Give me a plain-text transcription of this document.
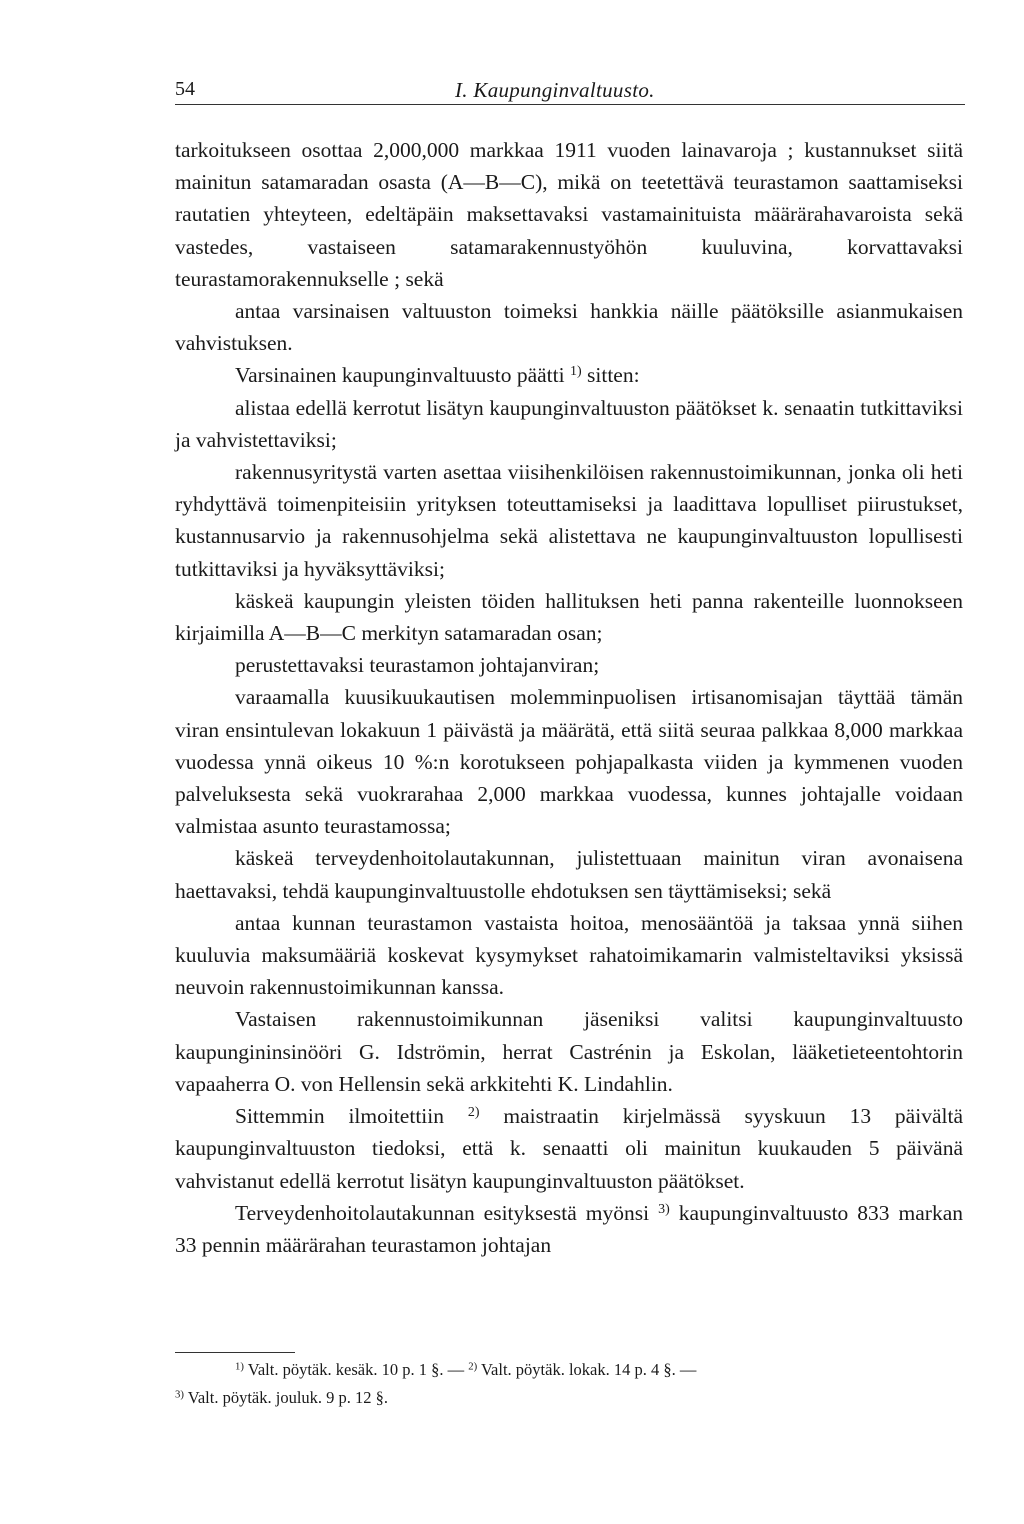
54	I. Kaupunginvaltuusto.

tarkoitukseen osottaa 2,000,000 markkaa 1911 vuoden lainavaroja ; kustannukset siitä mainitun satamaradan osasta (A—B—C), mikä on teetettävä teurastamon saattamiseksi rautatien yhteyteen, edeltäpäin maksettavaksi vastamainituista määrärahavaroista sekä vastedes, vastaiseen satamarakennustyöhön kuuluvina, korvattavaksi teurastamorakennukselle ; sekä

antaa varsinaisen valtuuston toimeksi hankkia näille päätöksille asianmukaisen vahvistuksen.

Varsinainen kaupunginvaltuusto päätti $^{1)}$ sitten:

alistaa edellä kerrotut lisätyn kaupunginvaltuuston päätökset k. senaatin tutkittaviksi ja vahvistettaviksi;

rakennusyritystä varten asettaa viisihenkilöisen rakennustoimikunnan, jonka oli heti ryhdyttävä toimenpiteisiin yrityksen toteuttamiseksi ja laadittava lopulliset piirustukset, kustannusarvio ja rakennusohjelma sekä alistettava ne kaupunginvaltuuston lopullisesti tutkittaviksi ja hyväksyttäviksi;

käskeä kaupungin yleisten töiden hallituksen heti panna rakenteille luonnokseen kirjaimilla A—B—C merkityn satamaradan osan;

perustettavaksi teurastamon johtajanviran;

varaamalla kuusikuukautisen molemminpuolisen irtisanomisajan täyttää tämän viran ensintulevan lokakuun 1 päivästä ja määrätä, että siitä seuraa palkkaa 8,000 markkaa vuodessa ynnä oikeus 10 %:n korotukseen pohjapalkasta viiden ja kymmenen vuoden palveluksesta sekä vuokrarahaa 2,000 markkaa vuodessa, kunnes johtajalle voidaan valmistaa asunto teurastamossa;

käskeä terveydenhoitolautakunnan, julistettuaan mainitun viran avonaisena haettavaksi, tehdä kaupunginvaltuustolle ehdotuksen sen täyttämiseksi; sekä

antaa kunnan teurastamon vastaista hoitoa, menosääntöä ja taksaa ynnä siihen kuuluvia maksumääriä koskevat kysymykset rahatoimikamarin valmisteltaviksi yksissä neuvoin rakennustoimikunnan kanssa.

Vastaisen rakennustoimikunnan jäseniksi valitsi kaupunginvaltuusto kaupungininsinööri G. Idströmin, herrat Castrénin ja Eskolan, lääketieteentohtorin vapaaherra O. von Hellensin sekä arkkitehti K. Lindahlin.

Sittemmin ilmoitettiin $^{2)}$ maistraatin kirjelmässä syyskuun 13 päivältä kaupunginvaltuuston tiedoksi, että k. senaatti oli mainitun kuukauden 5 päivänä vahvistanut edellä kerrotut lisätyn kaupunginvaltuuston päätökset.

Terveydenhoitolautakunnan esityksestä myönsi $^{3)}$ kaupunginvaltuusto 833 markan 33 pennin määrärahan teurastamon johtajan

$^{1)}$ Valt. pöytäk. kesäk. 10 p. 1 §. — $^{2)}$ Valt. pöytäk. lokak. 14 p. 4 §. —

$^{3)}$ Valt. pöytäk. jouluk. 9 p. 12 §.
